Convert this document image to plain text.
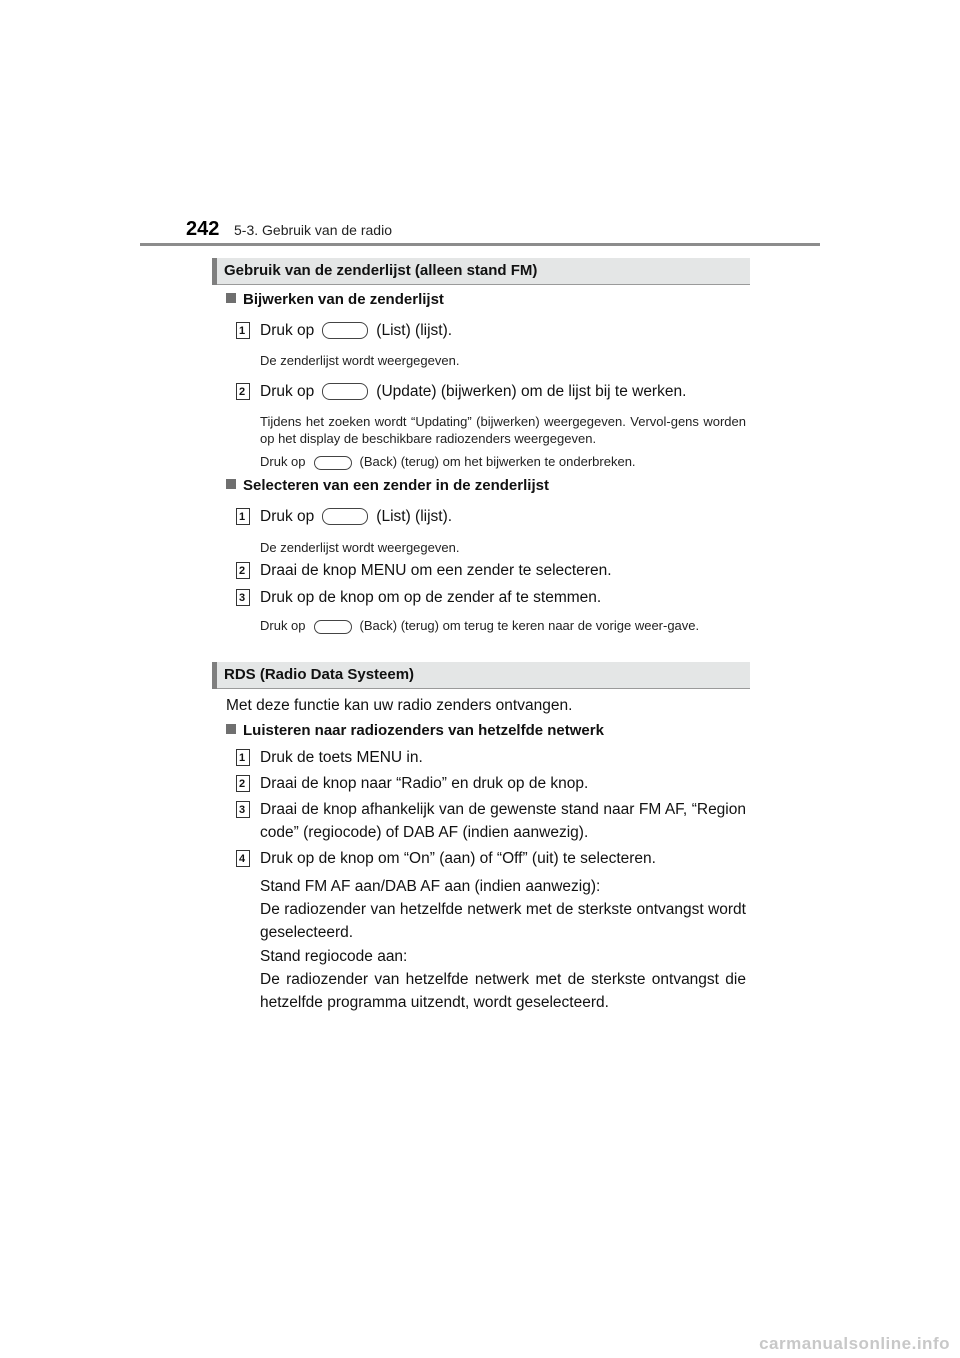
242 5-3. Gebruik van de radio
Gebruik van de zenderlijst (alleen stand FM)
Bijwerken van de zenderlijst
1 Druk op	(List) (lijst).
De zenderlijst wordt weergegeven.
2 Druk op	(Update) (bijwerken) om de lijst bij te werken.
Tijdens het zoeken wordt “Updating” (bijwerken) weergegeven. Vervol-gens worden op het display de beschikbare radiozenders weergegeven.
Druk op	(Back) (terug) om het bijwerken te onderbreken.
Selecteren van een zender in de zenderlijst
1 Druk op	(List) (lijst).
De zenderlijst wordt weergegeven.
2 Draai de knop MENU om een zender te selecteren.
3 Druk op de knop om op de zender af te stemmen.
Druk op	(Back) (terug) om terug te keren naar de vorige weer-gave.
RDS (Radio Data Systeem)
Met deze functie kan uw radio zenders ontvangen.
Luisteren naar radiozenders van hetzelfde netwerk
1 Druk de toets MENU in.
2 Draai de knop naar “Radio” en druk op de knop.
3 Draai de knop afhankelijk van de gewenste stand naar FM AF, “Region code” (regiocode) of DAB AF (indien aanwezig).
4 Druk op de knop om “On” (aan) of “Off” (uit) te selecteren.
Stand FM AF aan/DAB AF aan (indien aanwezig):
De radiozender van hetzelfde netwerk met de sterkste ontvangst wordt geselecteerd.
Stand regiocode aan:
De radiozender van hetzelfde netwerk met de sterkste ontvangst die hetzelfde programma uitzendt, wordt geselecteerd.
carmanualsonline.info
